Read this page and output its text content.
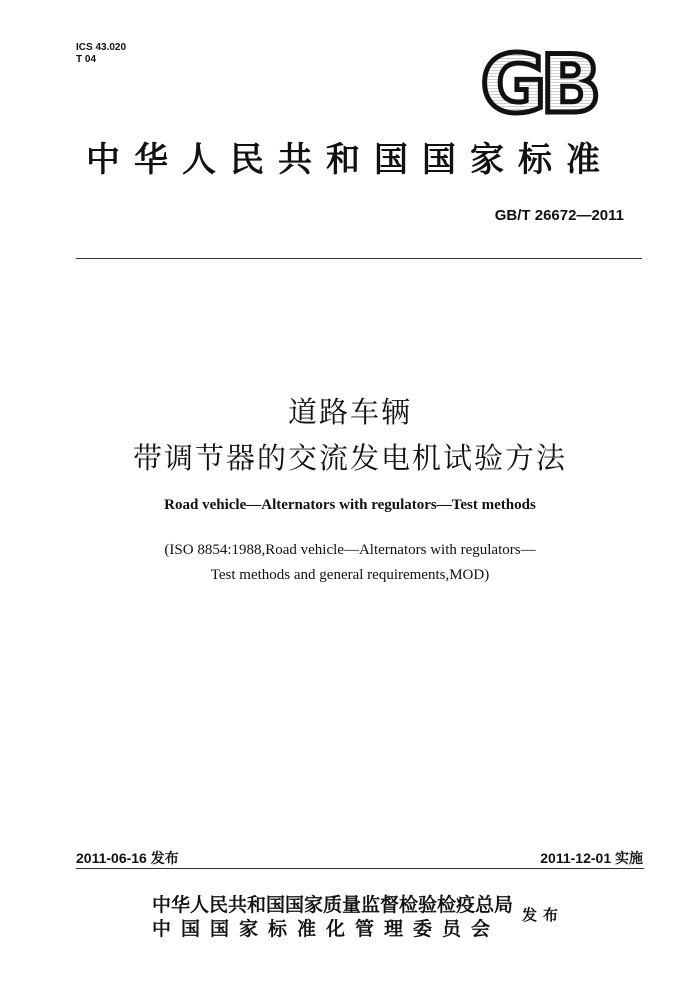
ICS 43.020
T 04	GB
中华人民共和国国家标准
GB/T 26672—2011
道路车辆
带调节器的交流发电机试验方法
Road vehicle—Alternators with regulators—Test methods
(ISO 8854:1988,Road vehicle—Alternators with regulators—
Test methods and general requirements,MOD)
2011-06-16 发布	2011-12-01 实施
中华人民共和国国家质量监督检验检疫总局
中国国家标准化管理委员会
发布
